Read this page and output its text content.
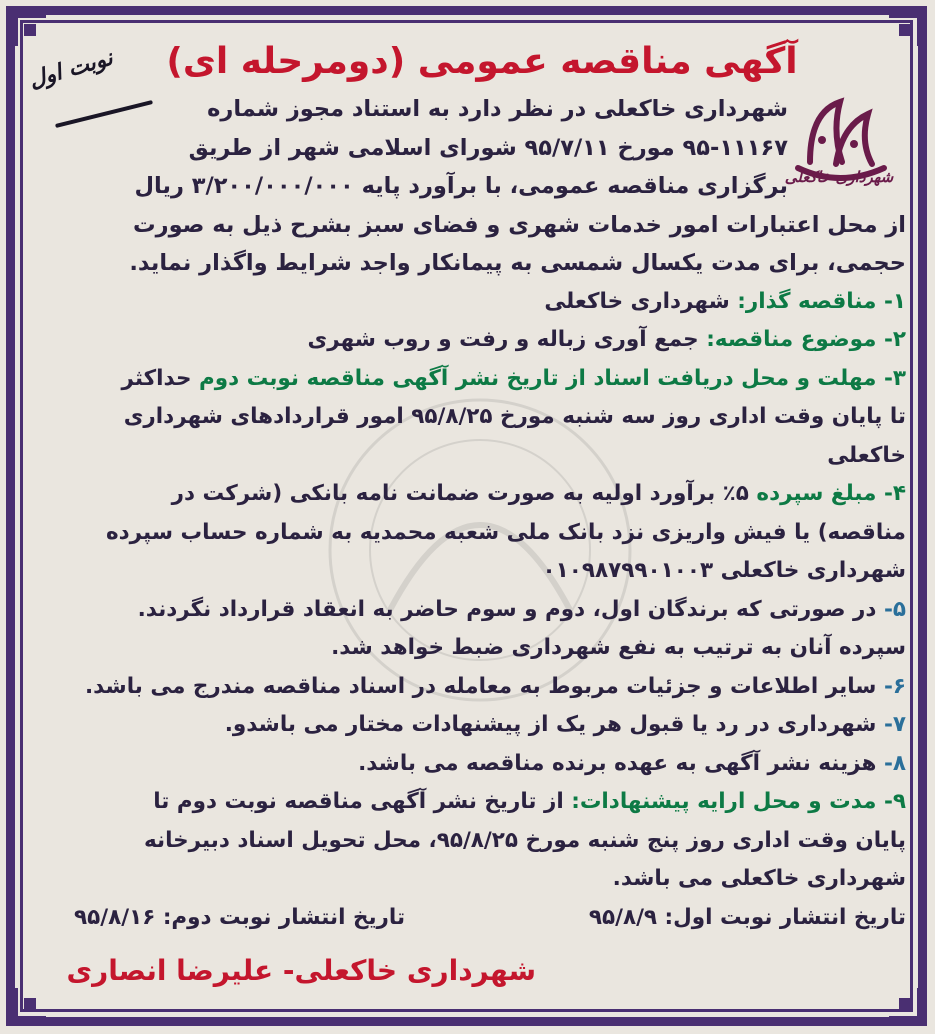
نوبت اول
شهرداری خاکعلی
آگهی مناقصه عمومی (دومرحله ای)
شهرداری خاکعلی در نظر دارد به استناد مجوز شماره
۹۵-۱۱۱۶۷ مورخ ۹۵/۷/۱۱ شورای اسلامی شهر از طریق
برگزاری مناقصه عمومی، با برآورد پایه ۳/۲۰۰/۰۰۰/۰۰۰ ریال
از محل اعتبارات امور خدمات شهری و فضای سبز بشرح ذیل به صورت
حجمی، برای مدت یکسال شمسی به پیمانکار واجد شرایط واگذار نماید.

۱- مناقصه گذار: شهرداری خاکعلی

۲- موضوع مناقصه: جمع آوری زباله و رفت و روب شهری

۳- مهلت و محل دریافت اسناد از تاریخ نشر آگهی مناقصه نوبت دوم حداکثر
تا پایان وقت اداری روز سه شنبه مورخ ۹۵/۸/۲۵ امور قراردادهای شهرداری
خاکعلی

۴- مبلغ سپرده ۵٪ برآورد اولیه به صورت ضمانت نامه بانکی (شرکت در
مناقصه) یا فیش واریزی نزد بانک ملی شعبه محمدیه به شماره حساب سپرده
شهرداری خاکعلی ۰۱۰۹۸۷۹۹۰۱۰۰۳

۵- در صورتی که برندگان اول، دوم و سوم حاضر به انعقاد قرارداد نگردند.
سپرده آنان به ترتیب به نفع شهرداری ضبط خواهد شد.

۶- سایر اطلاعات و جزئیات مربوط به معامله در اسناد مناقصه مندرج می باشد.

۷- شهرداری در رد یا قبول هر یک از پیشنهادات مختار می باشدو.

۸- هزینه نشر آگهی به عهده برنده مناقصه می باشد.

۹- مدت و محل ارایه پیشنهادات: از تاریخ نشر آگهی مناقصه نوبت دوم تا
پایان وقت اداری روز پنج شنبه مورخ ۹۵/۸/۲۵، محل تحویل اسناد دبیرخانه
شهرداری خاکعلی می باشد.

تاریخ انتشار نوبت اول: ۹۵/۸/۹
تاریخ انتشار نوبت دوم: ۹۵/۸/۱۶
شهرداری خاکعلی- علیرضا انصاری
